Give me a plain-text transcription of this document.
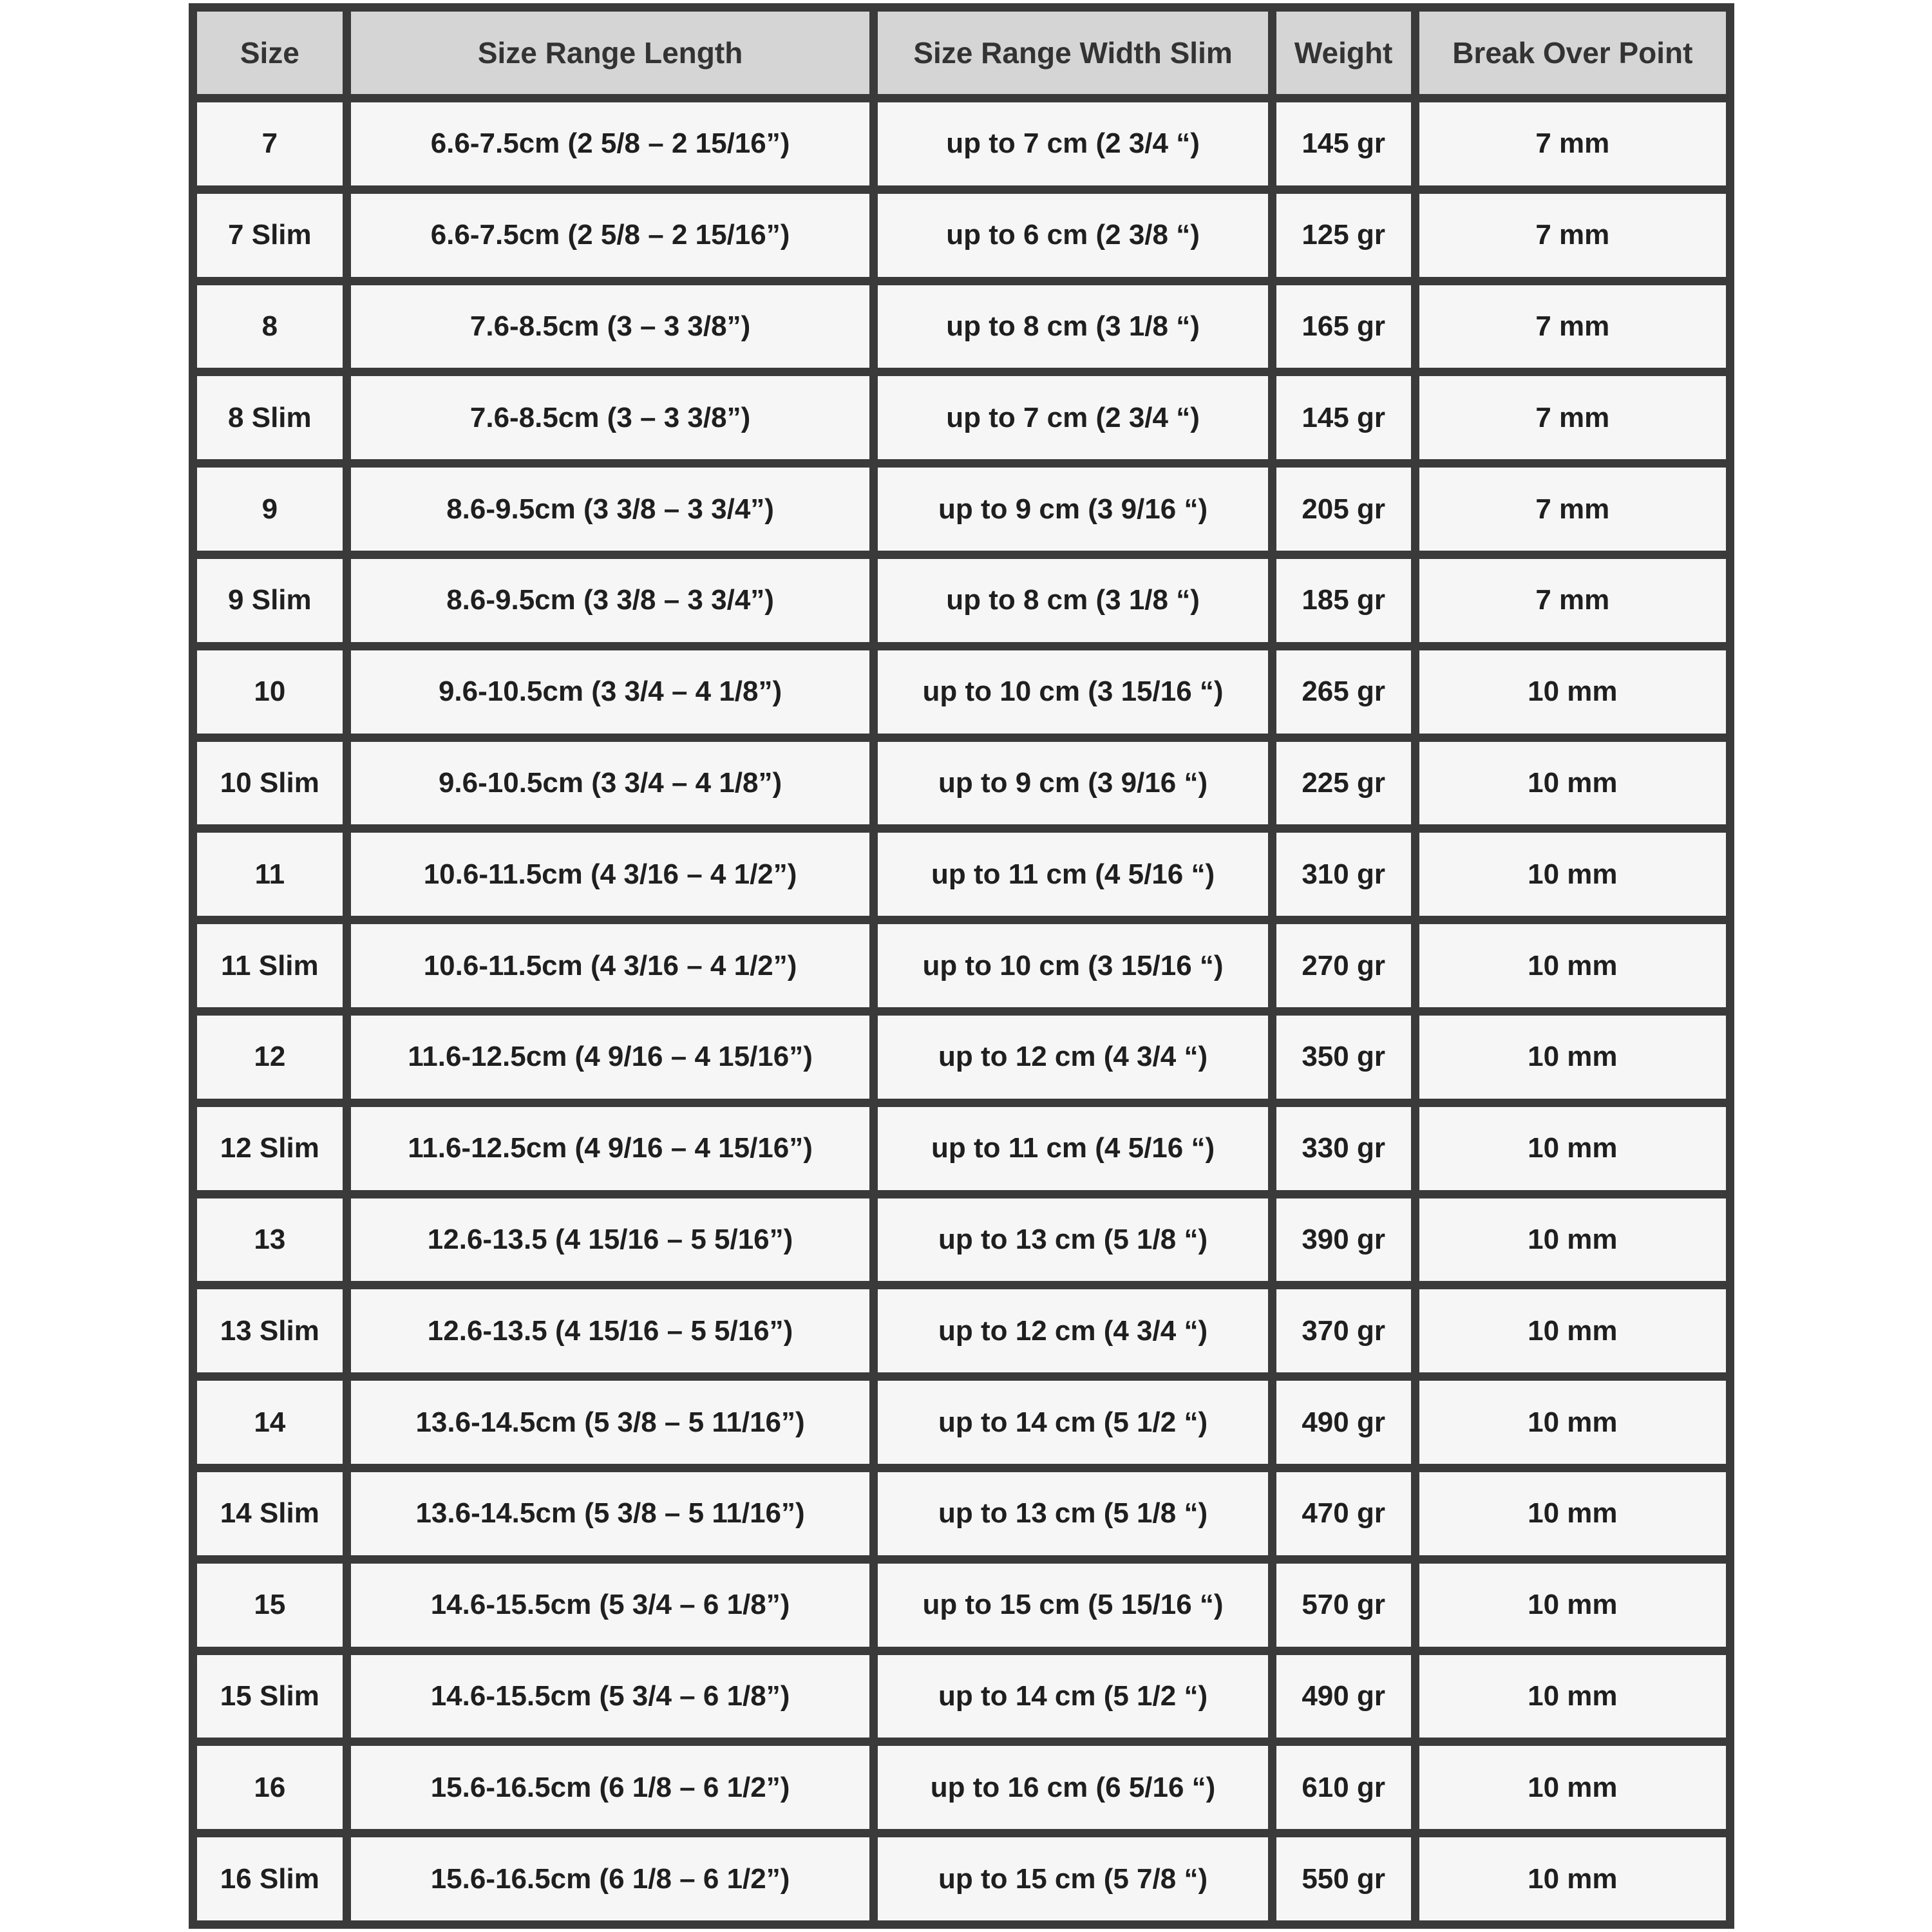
Size	Size Range Length	Size Range Width Slim	Weight	Break Over Point
7	6.6-7.5cm (2 5/8 – 2 15/16”)	up to 7 cm (2 3/4 “)	145 gr	7 mm
7 Slim	6.6-7.5cm (2 5/8 – 2 15/16”)	up to 6 cm (2 3/8 “)	125 gr	7 mm
8	7.6-8.5cm (3 – 3 3/8”)	up to 8 cm (3 1/8 “)	165 gr	7 mm
8 Slim	7.6-8.5cm (3 – 3 3/8”)	up to 7 cm (2 3/4 “)	145 gr	7 mm
9	8.6-9.5cm (3 3/8 – 3 3/4”)	up to 9 cm (3 9/16 “)	205 gr	7 mm
9 Slim	8.6-9.5cm (3 3/8 – 3 3/4”)	up to 8 cm (3 1/8 “)	185 gr	7 mm
10	9.6-10.5cm (3 3/4 – 4 1/8”)	up to 10 cm (3 15/16 “)	265 gr	10 mm
10 Slim	9.6-10.5cm (3 3/4 – 4 1/8”)	up to 9 cm (3 9/16 “)	225 gr	10 mm
11	10.6-11.5cm (4 3/16 – 4 1/2”)	up to 11 cm (4 5/16 “)	310 gr	10 mm
11 Slim	10.6-11.5cm (4 3/16 – 4 1/2”)	up to 10 cm (3 15/16 “)	270 gr	10 mm
12	11.6-12.5cm (4 9/16 – 4 15/16”)	up to 12 cm (4 3/4 “)	350 gr	10 mm
12 Slim	11.6-12.5cm (4 9/16 – 4 15/16”)	up to 11 cm (4 5/16 “)	330 gr	10 mm
13	12.6-13.5 (4 15/16 – 5 5/16”)	up to 13 cm (5 1/8 “)	390 gr	10 mm
13 Slim	12.6-13.5 (4 15/16 – 5 5/16”)	up to 12 cm (4 3/4 “)	370 gr	10 mm
14	13.6-14.5cm (5 3/8 – 5 11/16”)	up to 14 cm (5 1/2 “)	490 gr	10 mm
14 Slim	13.6-14.5cm (5 3/8 – 5 11/16”)	up to 13 cm (5 1/8 “)	470 gr	10 mm
15	14.6-15.5cm (5 3/4 – 6 1/8”)	up to 15 cm (5 15/16 “)	570 gr	10 mm
15 Slim	14.6-15.5cm (5 3/4 – 6 1/8”)	up to 14 cm (5 1/2 “)	490 gr	10 mm
16	15.6-16.5cm (6 1/8 – 6 1/2”)	up to 16 cm (6 5/16 “)	610 gr	10 mm
16 Slim	15.6-16.5cm (6 1/8 – 6 1/2”)	up to 15 cm (5 7/8 “)	550 gr	10 mm
